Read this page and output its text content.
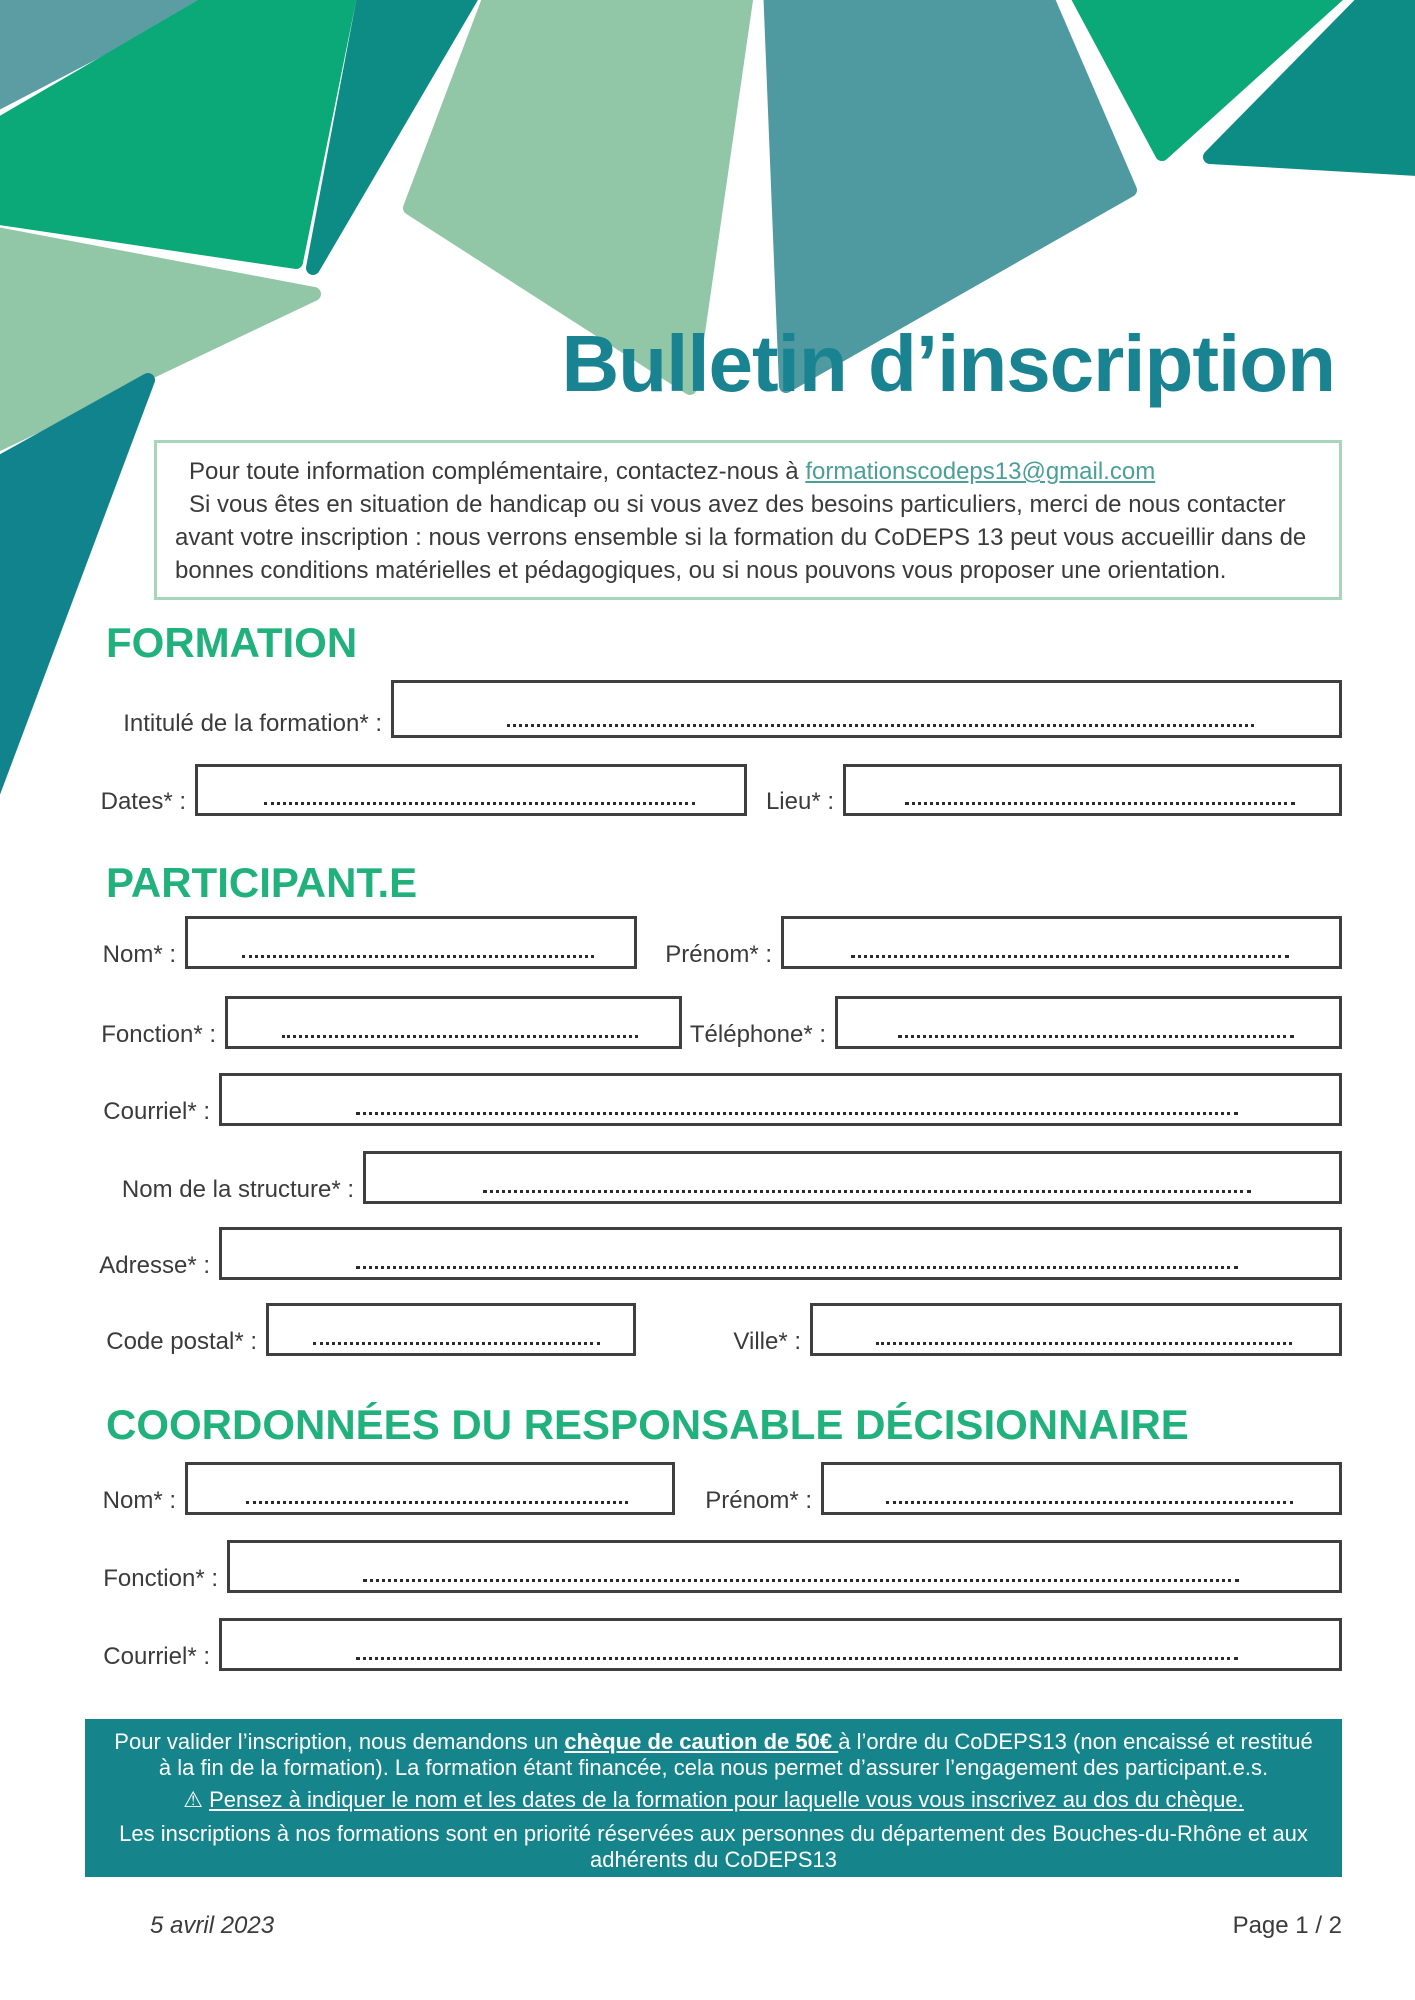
Bulletin d’inscription

Pour toute information complémentaire, contactez-nous à formationscodeps13@gmail.com

Si vous êtes en situation de handicap ou si vous avez des besoins particuliers, merci de nous contacter avant votre inscription : nous verrons ensemble si la formation du CoDEPS 13 peut vous accueillir dans de bonnes conditions matérielles et pédagogiques, ou si nous pouvons vous proposer une orientation.

FORMATION
Intitulé de la formation* :
Dates* :	Lieu* :
PARTICIPANT.E
Nom* :	Prénom* :
Fonction* :	Téléphone* :
Courriel* :
Nom de la structure* :
Adresse* :
Code postal* :	Ville* :
COORDONNÉES DU RESPONSABLE DÉCISIONNAIRE
Nom* :	Prénom* :
Fonction* :
Courriel* :

Pour valider l’inscription, nous demandons un chèque de caution de 50€ à l’ordre du CoDEPS13 (non encaissé et restitué à la fin de la formation). La formation étant financée, cela nous permet d’assurer l’engagement des participant.e.s.

⚠ Pensez à indiquer le nom et les dates de la formation pour laquelle vous vous inscrivez au dos du chèque.

Les inscriptions à nos formations sont en priorité réservées aux personnes du département des Bouches-du-Rhône et aux adhérents du CoDEPS13

5 avril 2023	Page 1 / 2
